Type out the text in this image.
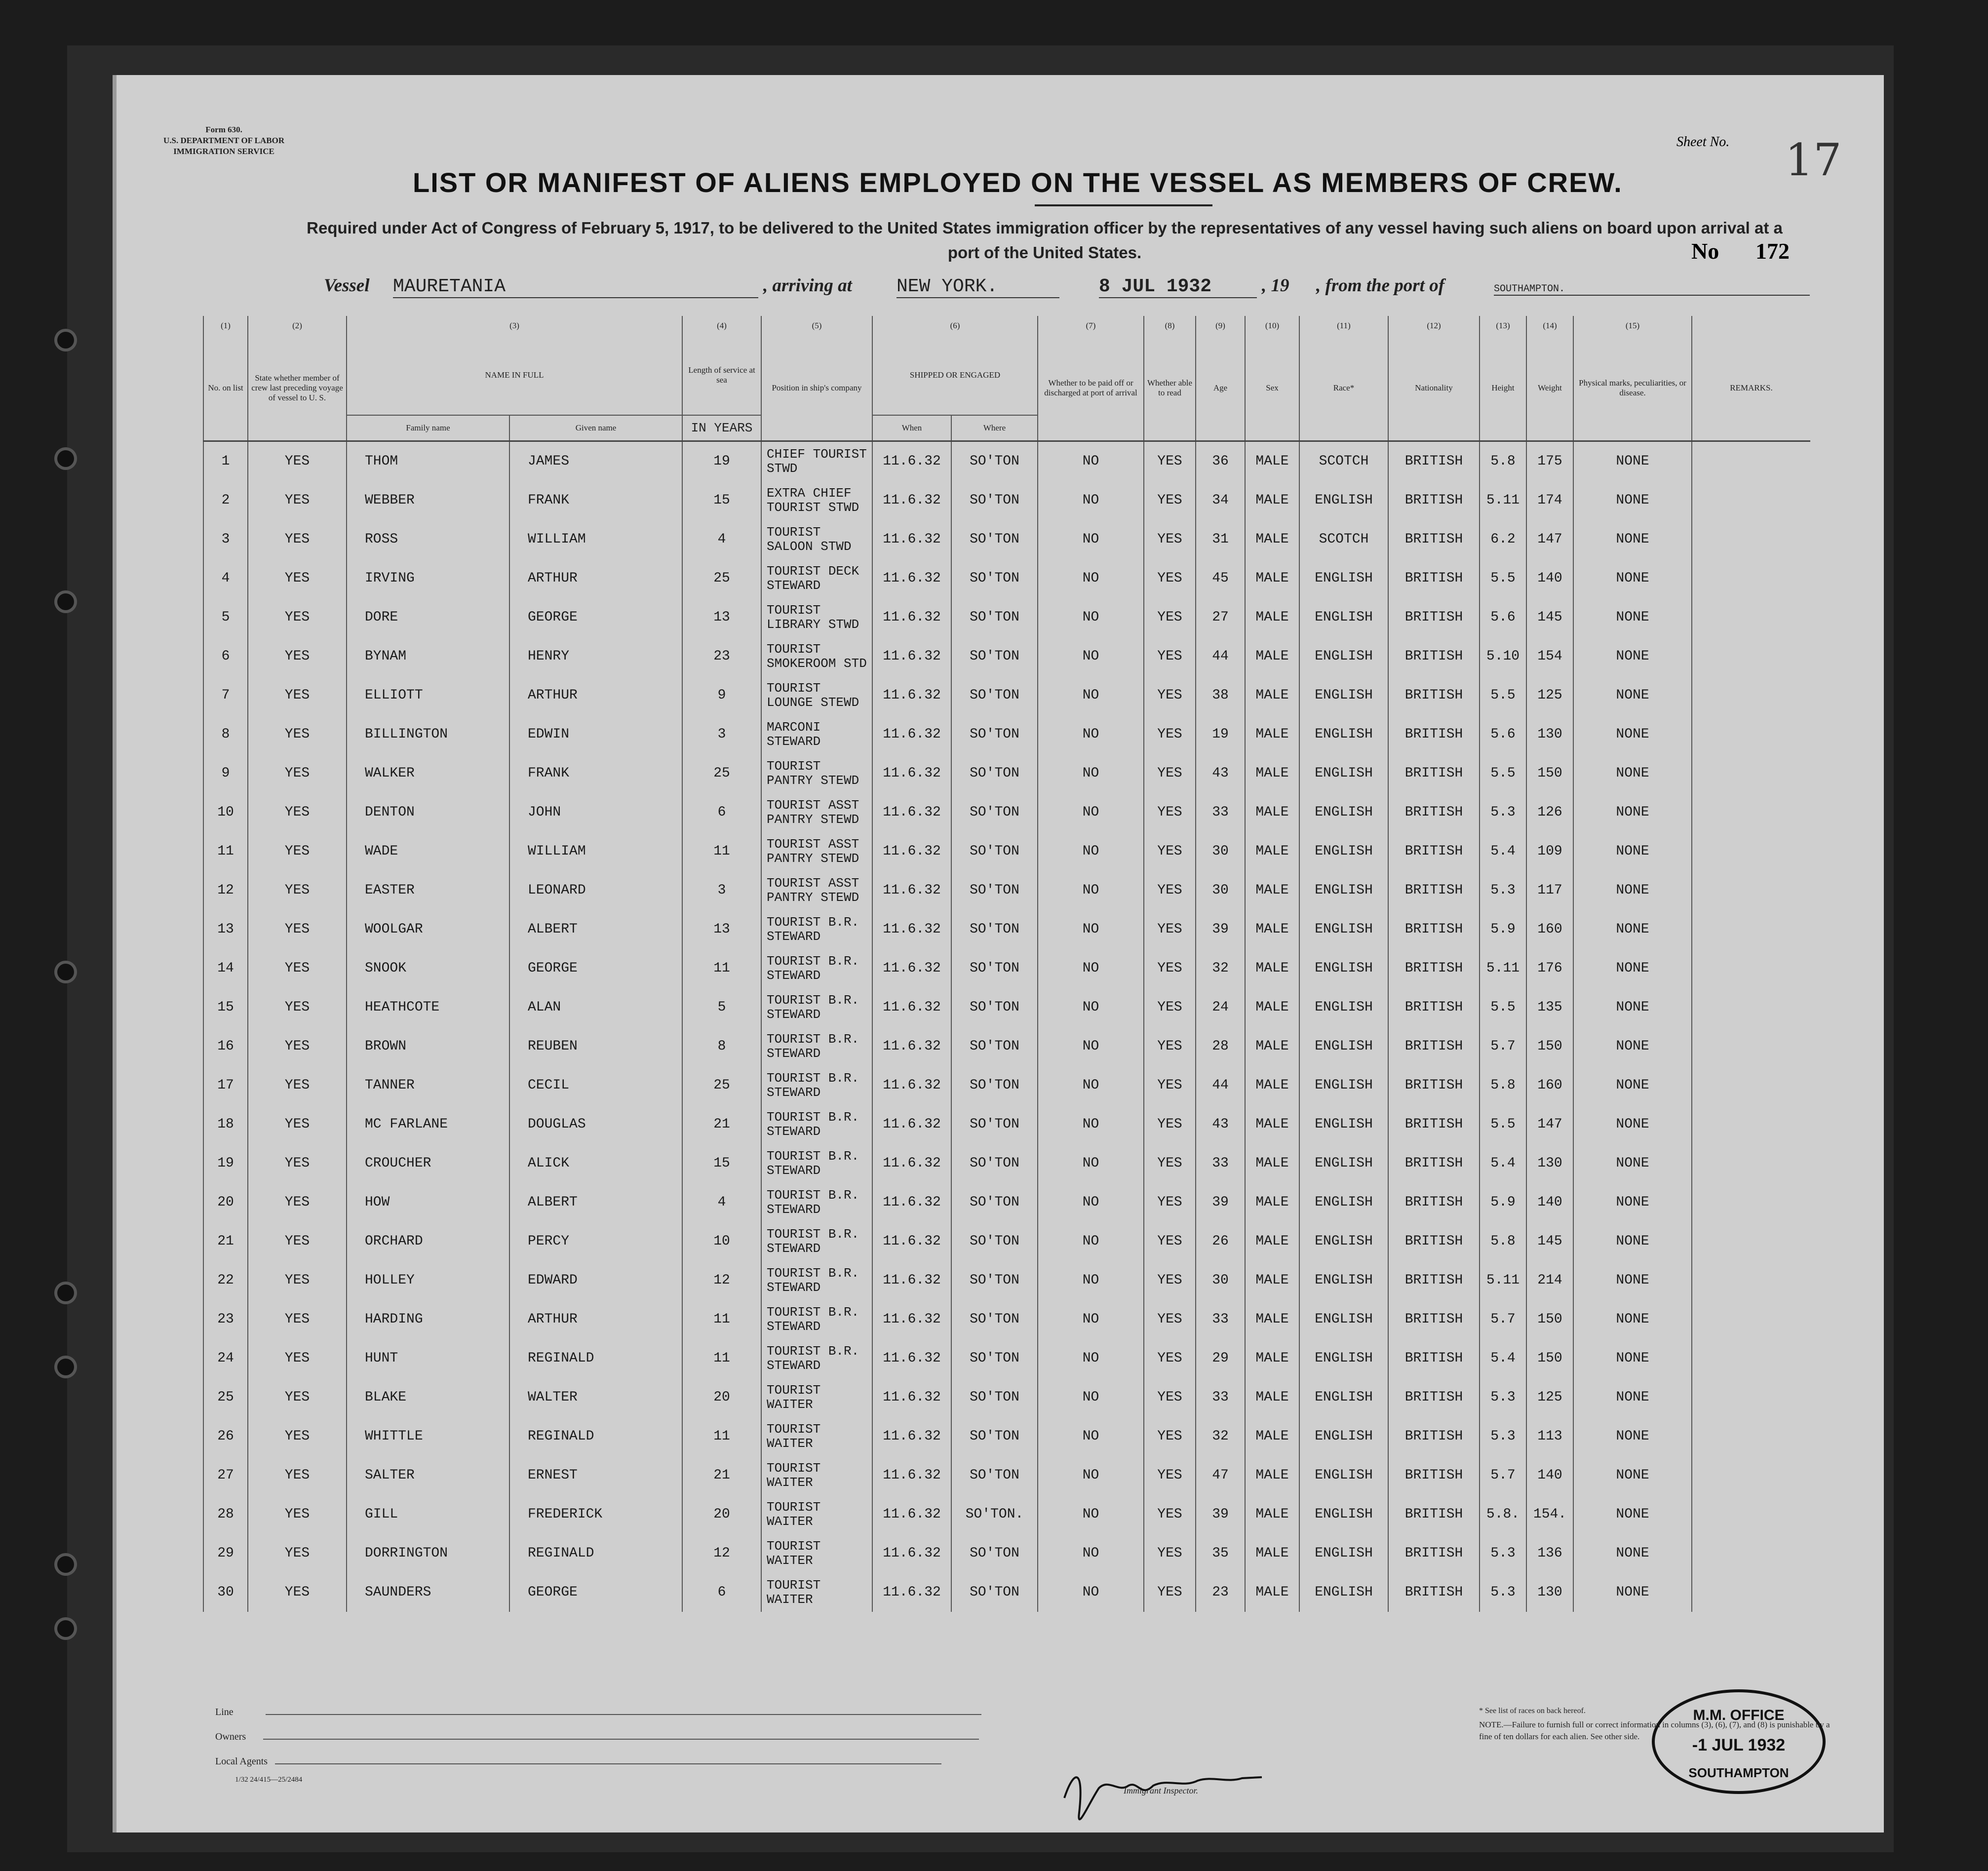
Form 630.
U.S. DEPARTMENT OF LABOR
IMMIGRATION SERVICE
Sheet No. 17
LIST OR MANIFEST OF ALIENS EMPLOYED ON THE VESSEL AS MEMBERS OF CREW.
Required under Act of Congress of February 5, 1917, to be delivered to the United States immigration officer by the representatives of any vessel having such aliens on board upon arrival at a port of the United States.	No 172
Vessel MAURETANIA	, arriving at NEW YORK.	8 JUL 1932	, 19 , from the port of	SOUTHAMPTON.
(1)	(2)	(3)		(4)	(5)	(6)		(7)	(8)	(9)	(10)	(11)	(12)	(13)	(14)	(15)	
No. on list	State whether member of crew last preceding voyage of vessel to U. S.	NAME IN FULL		Length of service at sea	Position in ship's company	SHIPPED OR ENGAGED		Whether to be paid off or discharged at port of arrival	Whether able to read	Age	Sex	Race*	Nationality	Height	Weight	Physical marks, peculiarities, or disease.	REMARKS.
		Family name	Given name	IN YEARS		When	Where										
1	YES	THOM	JAMES	19	CHIEF TOURIST STWD	11.6.32	SO'TON	NO	YES	36	MALE	SCOTCH	BRITISH	5.8	175	NONE	
2	YES	WEBBER	FRANK	15	EXTRA CHIEF TOURIST STWD	11.6.32	SO'TON	NO	YES	34	MALE	ENGLISH	BRITISH	5.11	174	NONE	
3	YES	ROSS	WILLIAM	4	TOURIST SALOON STWD	11.6.32	SO'TON	NO	YES	31	MALE	SCOTCH	BRITISH	6.2	147	NONE	
4	YES	IRVING	ARTHUR	25	TOURIST DECK STEWARD	11.6.32	SO'TON	NO	YES	45	MALE	ENGLISH	BRITISH	5.5	140	NONE	
5	YES	DORE	GEORGE	13	TOURIST LIBRARY STWD	11.6.32	SO'TON	NO	YES	27	MALE	ENGLISH	BRITISH	5.6	145	NONE	
6	YES	BYNAM	HENRY	23	TOURIST SMOKEROOM STD	11.6.32	SO'TON	NO	YES	44	MALE	ENGLISH	BRITISH	5.10	154	NONE	
7	YES	ELLIOTT	ARTHUR	9	TOURIST LOUNGE STEWD	11.6.32	SO'TON	NO	YES	38	MALE	ENGLISH	BRITISH	5.5	125	NONE	
8	YES	BILLINGTON	EDWIN	3	MARCONI STEWARD	11.6.32	SO'TON	NO	YES	19	MALE	ENGLISH	BRITISH	5.6	130	NONE	
9	YES	WALKER	FRANK	25	TOURIST PANTRY STEWD	11.6.32	SO'TON	NO	YES	43	MALE	ENGLISH	BRITISH	5.5	150	NONE	
10	YES	DENTON	JOHN	6	TOURIST ASST PANTRY STEWD	11.6.32	SO'TON	NO	YES	33	MALE	ENGLISH	BRITISH	5.3	126	NONE	
11	YES	WADE	WILLIAM	11	TOURIST ASST PANTRY STEWD	11.6.32	SO'TON	NO	YES	30	MALE	ENGLISH	BRITISH	5.4	109	NONE	
12	YES	EASTER	LEONARD	3	TOURIST ASST PANTRY STEWD	11.6.32	SO'TON	NO	YES	30	MALE	ENGLISH	BRITISH	5.3	117	NONE	
13	YES	WOOLGAR	ALBERT	13	TOURIST B.R. STEWARD	11.6.32	SO'TON	NO	YES	39	MALE	ENGLISH	BRITISH	5.9	160	NONE	
14	YES	SNOOK	GEORGE	11	TOURIST B.R. STEWARD	11.6.32	SO'TON	NO	YES	32	MALE	ENGLISH	BRITISH	5.11	176	NONE	
15	YES	HEATHCOTE	ALAN	5	TOURIST B.R. STEWARD	11.6.32	SO'TON	NO	YES	24	MALE	ENGLISH	BRITISH	5.5	135	NONE	
16	YES	BROWN	REUBEN	8	TOURIST B.R. STEWARD	11.6.32	SO'TON	NO	YES	28	MALE	ENGLISH	BRITISH	5.7	150	NONE	
17	YES	TANNER	CECIL	25	TOURIST B.R. STEWARD	11.6.32	SO'TON	NO	YES	44	MALE	ENGLISH	BRITISH	5.8	160	NONE	
18	YES	MC FARLANE	DOUGLAS	21	TOURIST B.R. STEWARD	11.6.32	SO'TON	NO	YES	43	MALE	ENGLISH	BRITISH	5.5	147	NONE	
19	YES	CROUCHER	ALICK	15	TOURIST B.R. STEWARD	11.6.32	SO'TON	NO	YES	33	MALE	ENGLISH	BRITISH	5.4	130	NONE	
20	YES	HOW	ALBERT	4	TOURIST B.R. STEWARD	11.6.32	SO'TON	NO	YES	39	MALE	ENGLISH	BRITISH	5.9	140	NONE	
21	YES	ORCHARD	PERCY	10	TOURIST B.R. STEWARD	11.6.32	SO'TON	NO	YES	26	MALE	ENGLISH	BRITISH	5.8	145	NONE	
22	YES	HOLLEY	EDWARD	12	TOURIST B.R. STEWARD	11.6.32	SO'TON	NO	YES	30	MALE	ENGLISH	BRITISH	5.11	214	NONE	
23	YES	HARDING	ARTHUR	11	TOURIST B.R. STEWARD	11.6.32	SO'TON	NO	YES	33	MALE	ENGLISH	BRITISH	5.7	150	NONE	
24	YES	HUNT	REGINALD	11	TOURIST B.R. STEWARD	11.6.32	SO'TON	NO	YES	29	MALE	ENGLISH	BRITISH	5.4	150	NONE	
25	YES	BLAKE	WALTER	20	TOURIST WAITER	11.6.32	SO'TON	NO	YES	33	MALE	ENGLISH	BRITISH	5.3	125	NONE	
26	YES	WHITTLE	REGINALD	11	TOURIST WAITER	11.6.32	SO'TON	NO	YES	32	MALE	ENGLISH	BRITISH	5.3	113	NONE	
27	YES	SALTER	ERNEST	21	TOURIST WAITER	11.6.32	SO'TON	NO	YES	47	MALE	ENGLISH	BRITISH	5.7	140	NONE	
28	YES	GILL	FREDERICK	20	TOURIST WAITER	11.6.32	SO'TON.	NO	YES	39	MALE	ENGLISH	BRITISH	5.8.	154.	NONE	
29	YES	DORRINGTON	REGINALD	12	TOURIST WAITER	11.6.32	SO'TON	NO	YES	35	MALE	ENGLISH	BRITISH	5.3	136	NONE	
30	YES	SAUNDERS	GEORGE	6	TOURIST WAITER	11.6.32	SO'TON	NO	YES	23	MALE	ENGLISH	BRITISH	5.3	130	NONE	
M.M. OFFICE
-1 JUL 1932
SOUTHAMPTON
Line
Owners
Local Agents
1/32 24/415—25/2484
Immigrant Inspector.
* See list of races on back hereof.
NOTE.—Failure to furnish full or correct information in columns (3), (6), (7), and (8) is punishable by a fine of ten dollars for each alien. See other side.
